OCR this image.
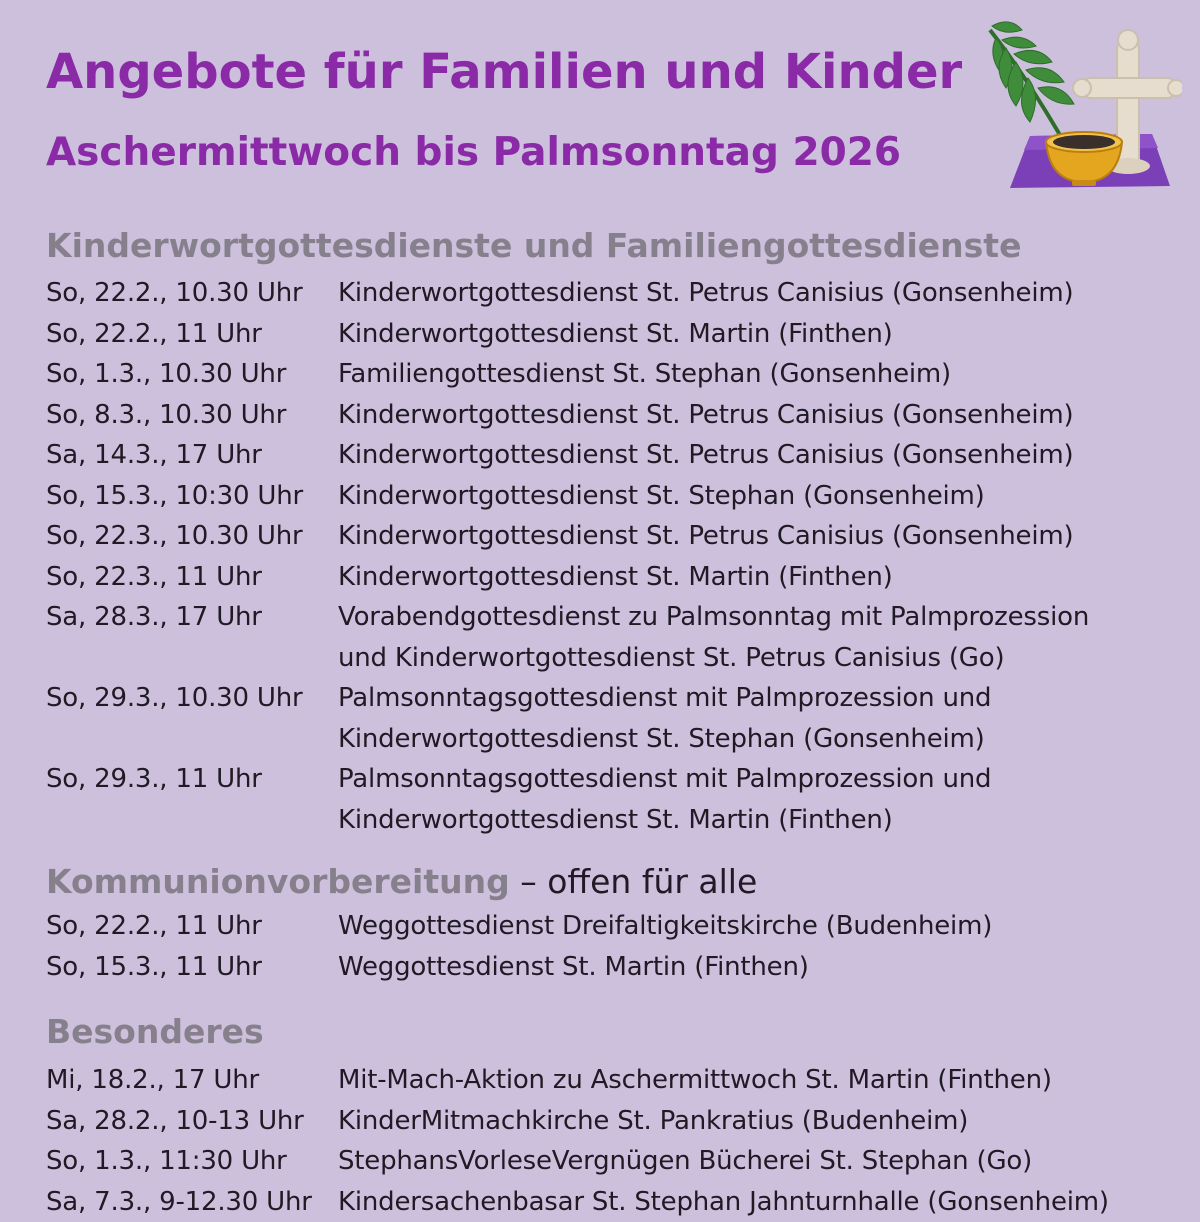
Angebote für Familien und Kinder
Aschermittwoch bis Palmsonntag 2026
Kinderwortgottesdienste und Familiengottesdienste
So, 22.2., 10.30 Uhr	Kinderwortgottesdienst St. Petrus Canisius (Gonsenheim)
So, 22.2., 11 Uhr	Kinderwortgottesdienst St. Martin (Finthen)
So, 1.3., 10.30 Uhr	Familiengottesdienst St. Stephan (Gonsenheim)
So, 8.3., 10.30 Uhr	Kinderwortgottesdienst St. Petrus Canisius (Gonsenheim)
Sa, 14.3., 17 Uhr	Kinderwortgottesdienst St. Petrus Canisius (Gonsenheim)
So, 15.3., 10:30 Uhr	Kinderwortgottesdienst St. Stephan (Gonsenheim)
So, 22.3., 10.30 Uhr	Kinderwortgottesdienst St. Petrus Canisius (Gonsenheim)
So, 22.3., 11 Uhr	Kinderwortgottesdienst St. Martin (Finthen)
Sa, 28.3., 17 Uhr	Vorabendgottesdienst zu Palmsonntag mit Palmprozession
und Kinderwortgottesdienst St. Petrus Canisius (Go)
So, 29.3., 10.30 Uhr	Palmsonntagsgottesdienst mit Palmprozession und
Kinderwortgottesdienst St. Stephan (Gonsenheim)
So, 29.3., 11 Uhr	Palmsonntagsgottesdienst mit Palmprozession und
Kinderwortgottesdienst St. Martin (Finthen)
Kommunionvorbereitung – offen für alle
So, 22.2., 11 Uhr	Weggottesdienst Dreifaltigkeitskirche (Budenheim)
So, 15.3., 11 Uhr	Weggottesdienst St. Martin (Finthen)
Besonderes
Mi, 18.2., 17 Uhr	Mit-Mach-Aktion zu Aschermittwoch St. Martin (Finthen)
Sa, 28.2., 10-13 Uhr	KinderMitmachkirche St. Pankratius (Budenheim)
So, 1.3., 11:30 Uhr	StephansVorleseVergnügen Bücherei St. Stephan (Go)
Sa, 7.3., 9-12.30 Uhr	Kindersachenbasar St. Stephan Jahnturnhalle (Gonsenheim)
